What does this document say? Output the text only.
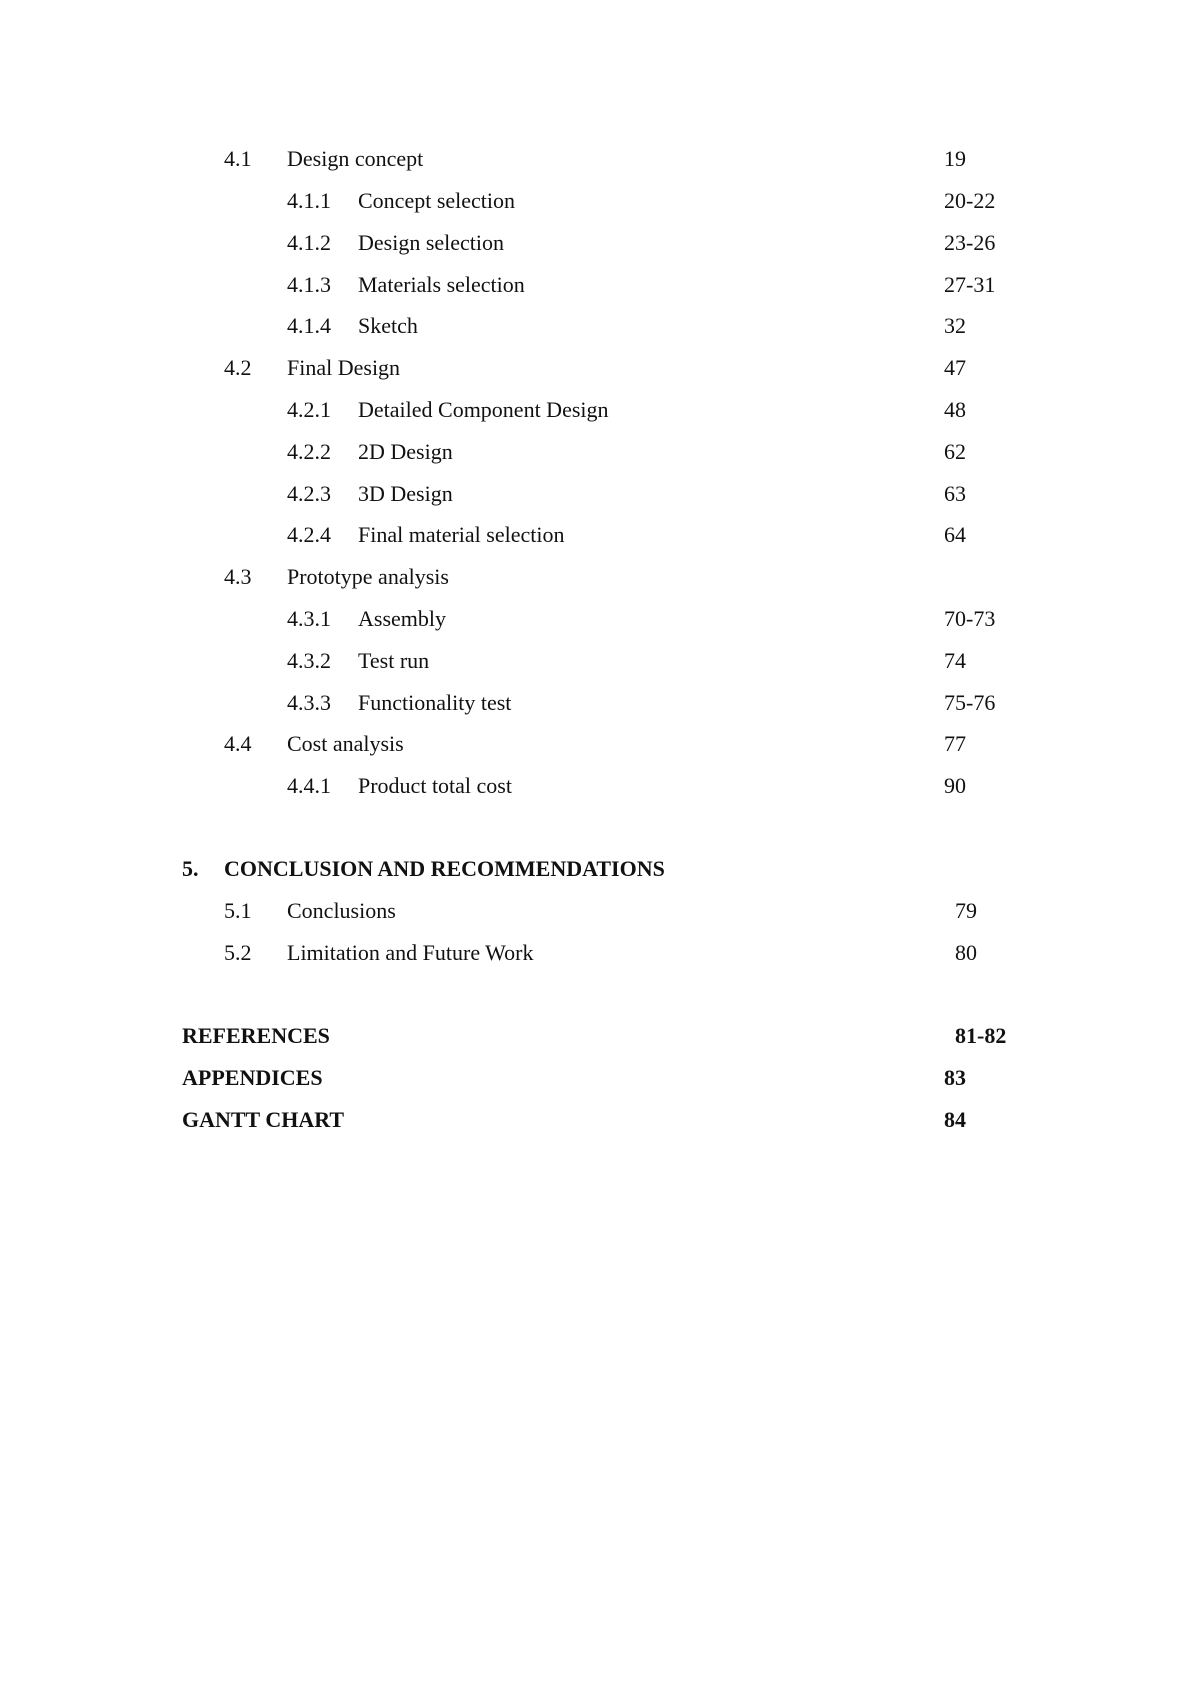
4.1 Design concept	19
4.1.1 Concept selection	20-22
4.1.2 Design selection	23-26
4.1.3 Materials selection	27-31
4.1.4 Sketch	32
4.2 Final Design	47
4.2.1 Detailed Component Design	48
4.2.2 2D Design	62
4.2.3 3D Design	63
4.2.4 Final material selection	64
4.3 Prototype analysis
4.3.1 Assembly	70-73
4.3.2 Test run	74
4.3.3 Functionality test	75-76
4.4 Cost analysis	77
4.4.1 Product total cost	90
5. CONCLUSION AND RECOMMENDATIONS
5.1 Conclusions	79
5.2 Limitation and Future Work	80
REFERENCES	81-82
APPENDICES	83
GANTT CHART	84
